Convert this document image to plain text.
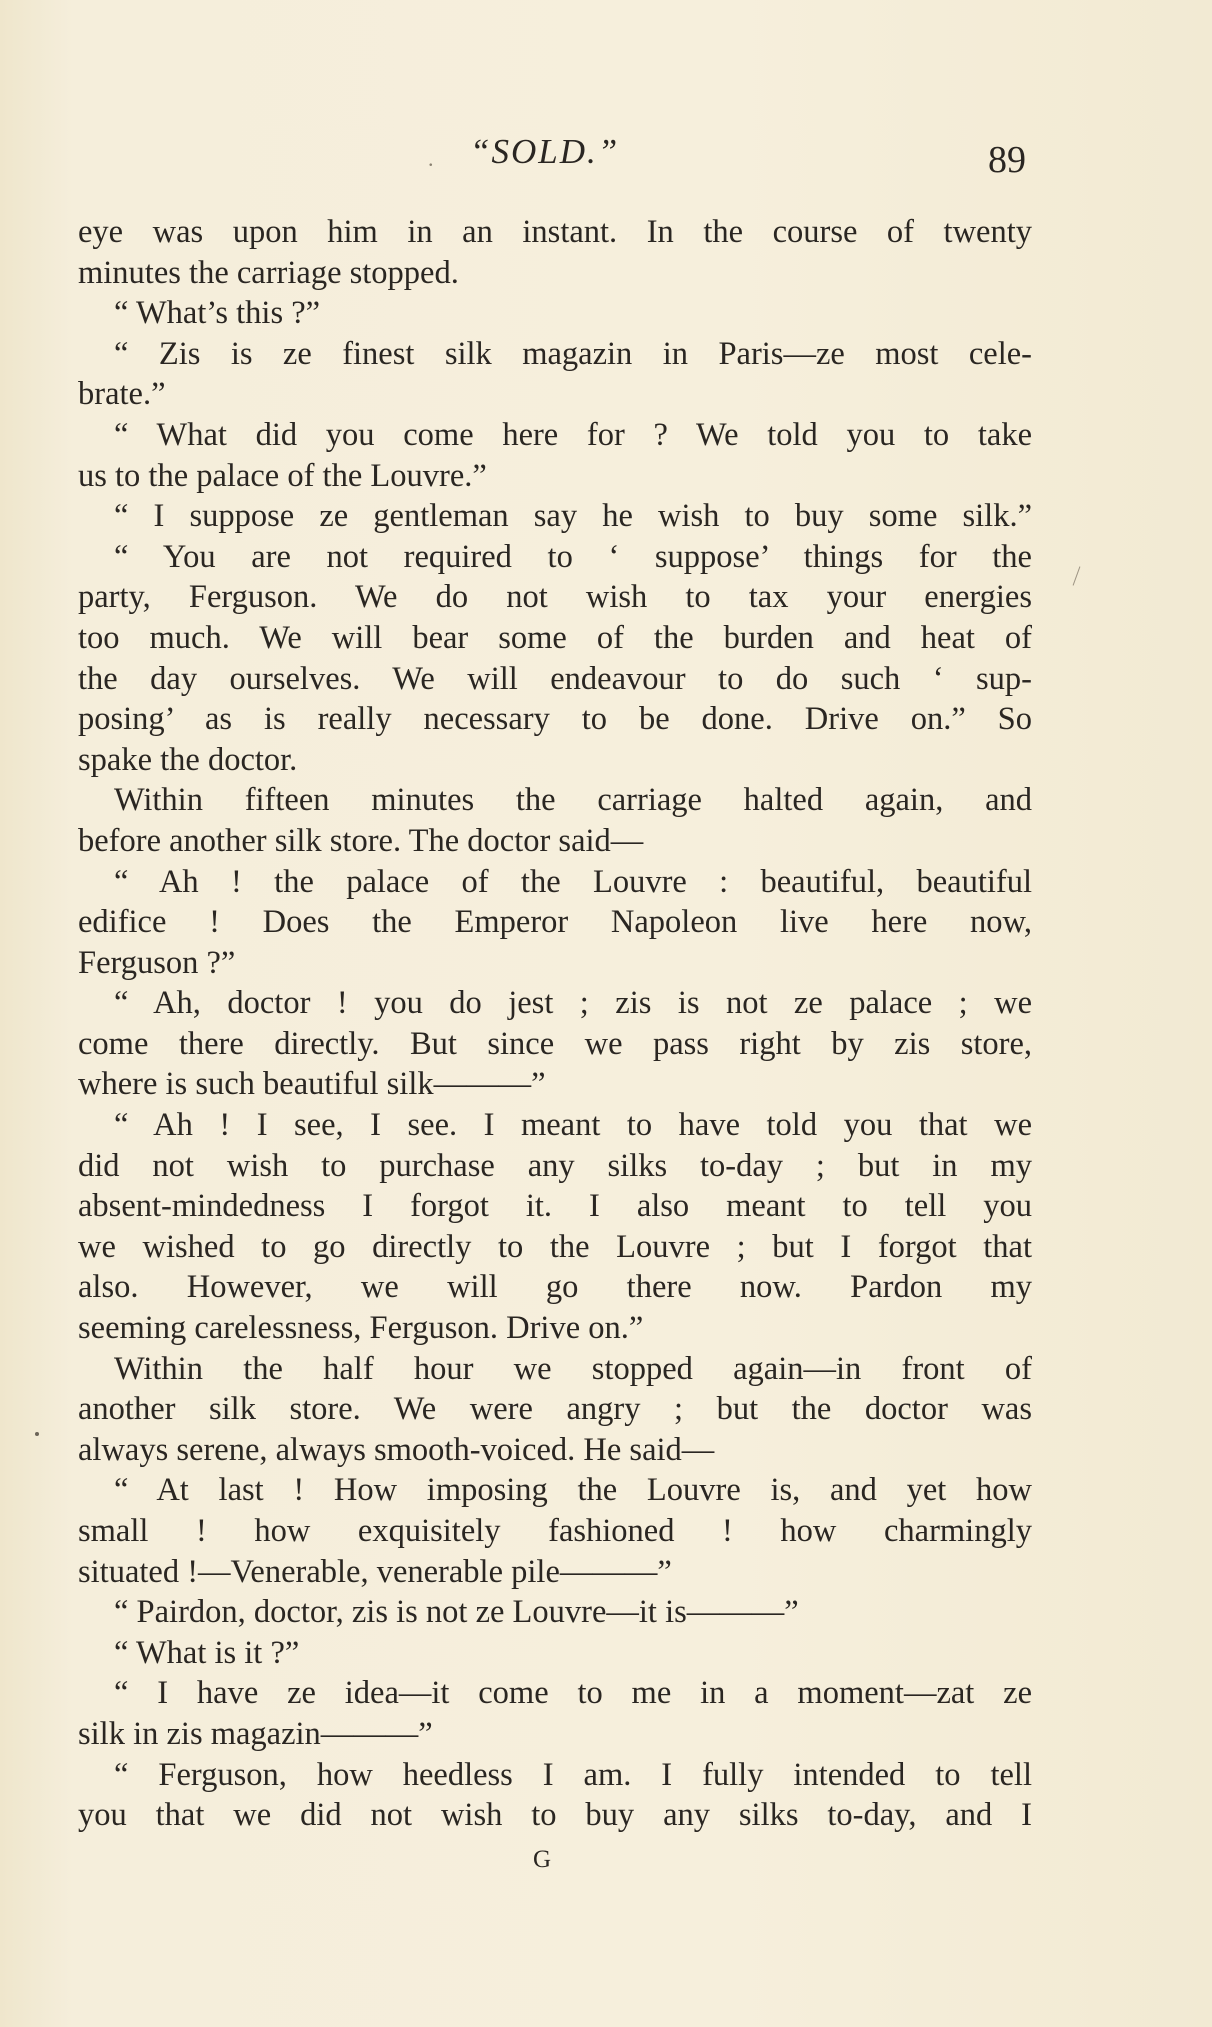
. “SOLD.”	89
eye was upon him in an instant. In the course of twenty
minutes the carriage stopped.
“ What’s this ?”
“ Zis is ze finest silk magazin in Paris—ze most cele-
brate.”
“ What did you come here for ? We told you to take
us to the palace of the Louvre.”
“ I suppose ze gentleman say he wish to buy some silk.”
“ You are not required to ‘ suppose’ things for the
party, Ferguson. We do not wish to tax your energies
too much. We will bear some of the burden and heat of
the day ourselves. We will endeavour to do such ‘ sup-
posing’ as is really necessary to be done. Drive on.” So
spake the doctor.
Within fifteen minutes the carriage halted again, and
before another silk store. The doctor said—
“ Ah ! the palace of the Louvre : beautiful, beautiful
edifice ! Does the Emperor Napoleon live here now,
Ferguson ?”
“ Ah, doctor ! you do jest ; zis is not ze palace ; we
come there directly. But since we pass right by zis store,
where is such beautiful silk———”
“ Ah ! I see, I see. I meant to have told you that we
did not wish to purchase any silks to-day ; but in my
absent-mindedness I forgot it. I also meant to tell you
we wished to go directly to the Louvre ; but I forgot that
also. However, we will go there now. Pardon my
seeming carelessness, Ferguson. Drive on.”
Within the half hour we stopped again—in front of
another silk store. We were angry ; but the doctor was
always serene, always smooth-voiced. He said—
“ At last ! How imposing the Louvre is, and yet how
small ! how exquisitely fashioned ! how charmingly
situated !—Venerable, venerable pile———”
“ Pairdon, doctor, zis is not ze Louvre—it is———”
“ What is it ?”
“ I have ze idea—it come to me in a moment—zat ze
silk in zis magazin———”
“ Ferguson, how heedless I am. I fully intended to tell
you that we did not wish to buy any silks to-day, and I
G
